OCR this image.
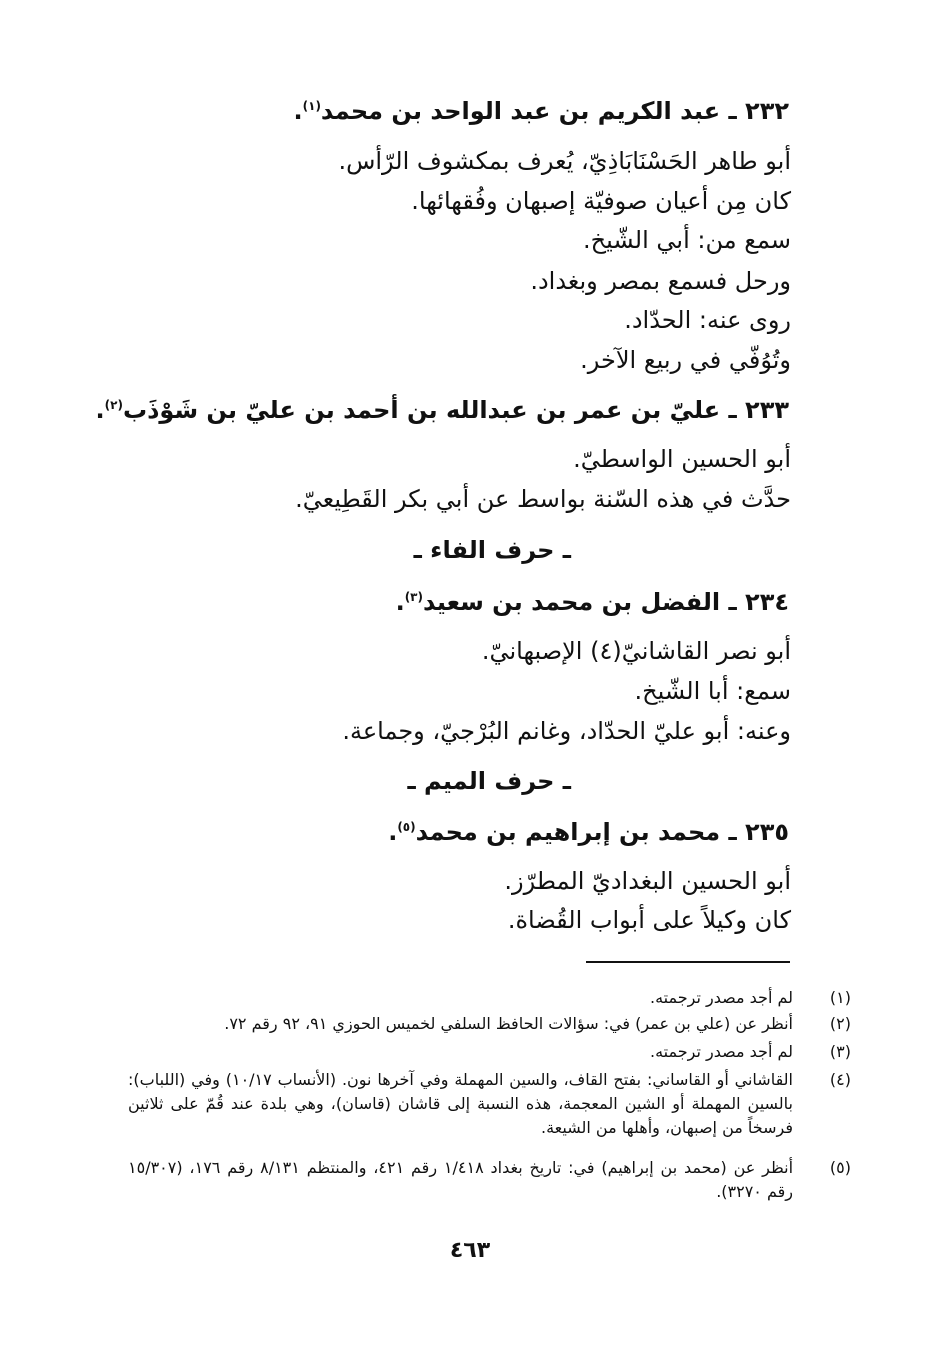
٢٣٢ ـ عبد الكريم بن عبد الواحد بن محمد$^{(١)}$.
أبو طاهر الحَسْنَابَاذِيّ، يُعرف بمكشوف الرّأس.
كان مِن أعيان صوفيّة إصبهان وفُقهائها.
سمع من: أبي الشّيخ.
ورحل فسمع بمصر وبغداد.
روى عنه: الحدّاد.
وتُوُفّي في ربيع الآخر.
٢٣٣ ـ عليّ بن عمر بن عبدالله بن أحمد بن عليّ بن شَوْذَب$^{(٢)}$.
أبو الحسين الواسطيّ.
حدَّث في هذه السّنة بواسط عن أبي بكر القَطِيعيّ.
ـ حرف الفاء ـ
٢٣٤ ـ الفضل بن محمد بن سعيد$^{(٣)}$.
أبو نصر القاشانيّ(٤) الإصبهانيّ.
سمع: أبا الشّيخ.
وعنه: أبو عليّ الحدّاد، وغانم البُرْجيّ، وجماعة.
ـ حرف الميم ـ
٢٣٥ ـ محمد بن إبراهيم بن محمد$^{(٥)}$.
أبو الحسين البغداديّ المطرّز.
كان وكيلاً على أبواب القُضاة.
(١)
لم أجد مصدر ترجمته.
(٢)
أنظر عن (علي بن عمر) في: سؤالات الحافظ السلفي لخميس الحوزي ٩١، ٩٢ رقم ٧٢.
(٣)
لم أجد مصدر ترجمته.
(٤)
القاشاني أو القاساني: بفتح القاف، والسين المهملة وفي آخرها نون. (الأنساب ١٠/١٧) وفي (اللباب): بالسين المهملة أو الشين المعجمة، هذه النسبة إلى قاشان (قاسان)، وهي بلدة عند قُمّ على ثلاثين فرسخاً من إصبهان، وأهلها من الشيعة.
(٥)
أنظر عن (محمد بن إبراهيم) في: تاريخ بغداد ١/٤١٨ رقم ٤٢١، والمنتظم ٨/١٣١ رقم ١٧٦، (١٥/٣٠٧ رقم ٣٢٧٠).
٤٦٣
